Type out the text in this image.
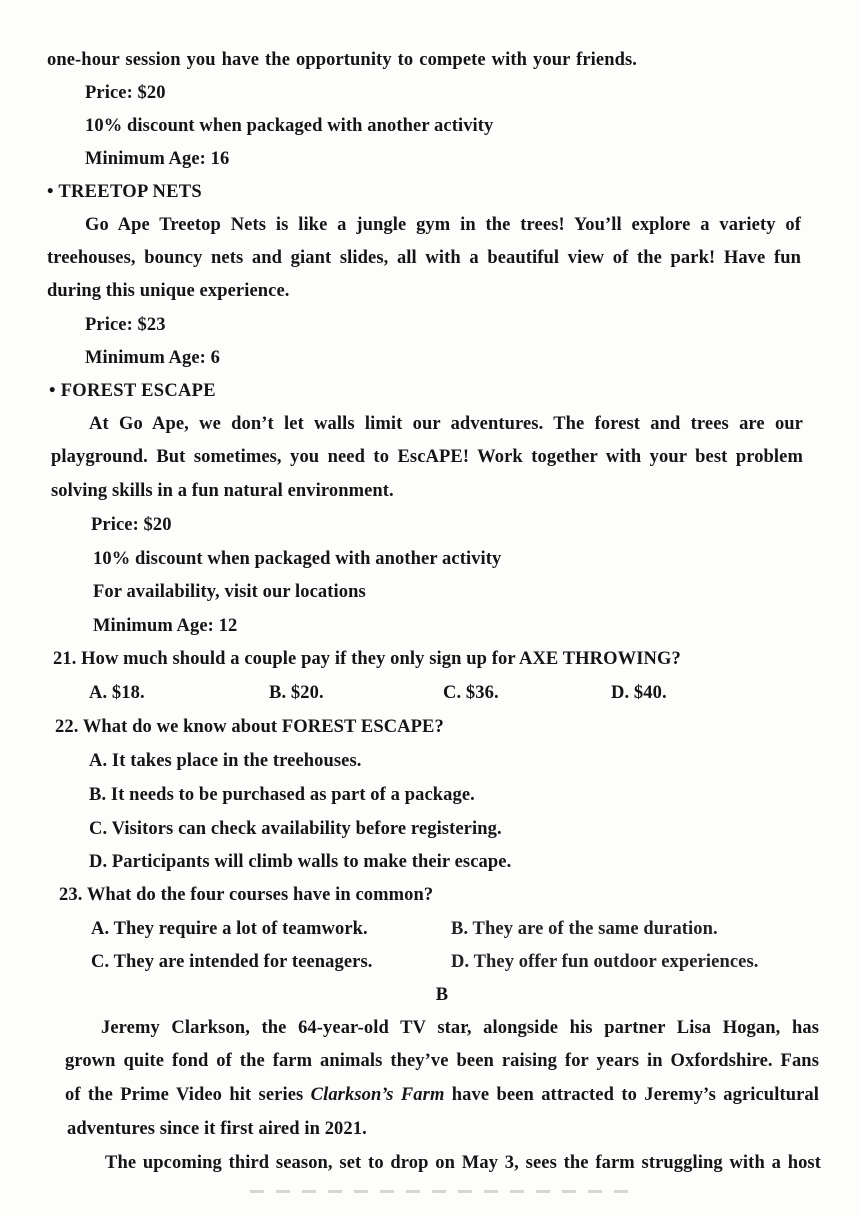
one-hour session you have the opportunity to compete with your friends.
Price: $20
10% discount when packaged with another activity
Minimum Age: 16
• TREETOP NETS
Go Ape Treetop Nets is like a jungle gym in the trees! You’ll explore a variety of
treehouses, bouncy nets and giant slides, all with a beautiful view of the park! Have fun
during this unique experience.
Price: $23
Minimum Age: 6
• FOREST ESCAPE
At Go Ape, we don’t let walls limit our adventures. The forest and trees are our
playground. But sometimes, you need to EscAPE! Work together with your best problem
solving skills in a fun natural environment.
Price: $20
10% discount when packaged with another activity
For availability, visit our locations
Minimum Age: 12
21. How much should a couple pay if they only sign up for AXE THROWING?
A. $18.	B. $20.	C. $36.	D. $40.
22. What do we know about FOREST ESCAPE?
A. It takes place in the treehouses.
B. It needs to be purchased as part of a package.
C. Visitors can check availability before registering.
D. Participants will climb walls to make their escape.
23. What do the four courses have in common?
A. They require a lot of teamwork.	B. They are of the same duration.
C. They are intended for teenagers.	D. They offer fun outdoor experiences.
B
Jeremy Clarkson, the 64-year-old TV star, alongside his partner Lisa Hogan, has
grown quite fond of the farm animals they’ve been raising for years in Oxfordshire. Fans
of the Prime Video hit series Clarkson’s Farm have been attracted to Jeremy’s agricultural
adventures since it first aired in 2021.
The upcoming third season, set to drop on May 3, sees the farm struggling with a host
